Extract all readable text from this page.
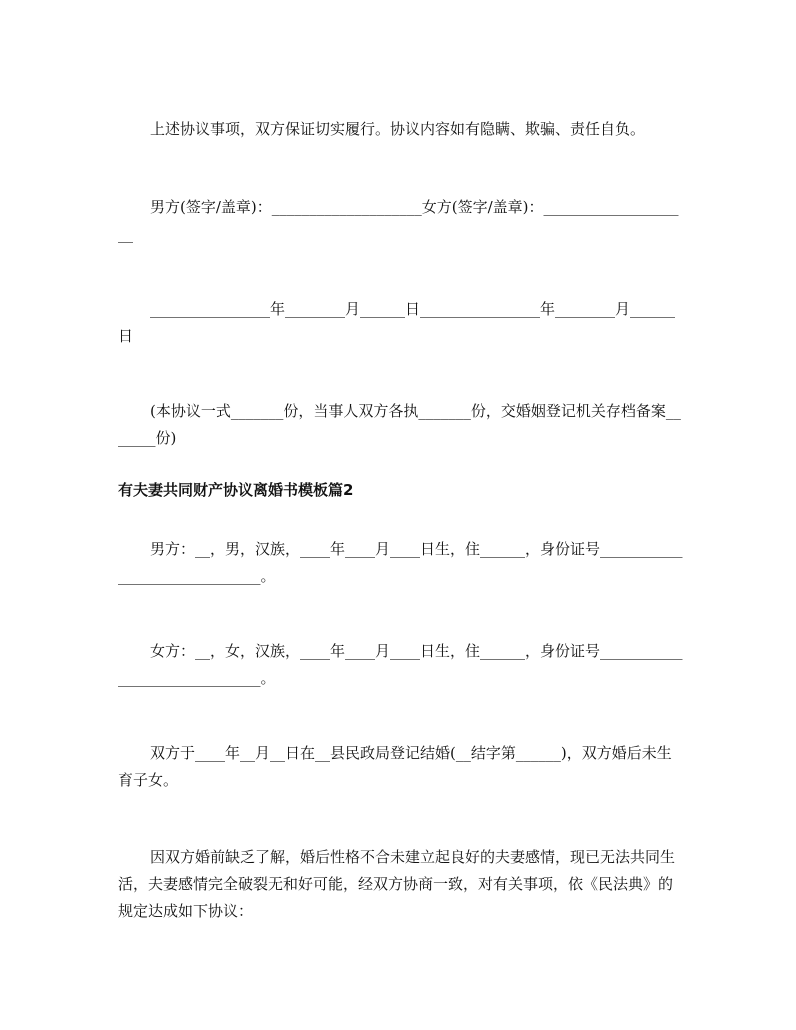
上述协议事项，双方保证切实履行。协议内容如有隐瞒、欺骗、责任自负。
男方(签字/盖章)：____________________女方(签字/盖章)：____________________
________________年________月______日________________年________月______日
(本协议一式_______份，当事人双方各执_______份，交婚姻登记机关存档备案_______份)
有夫妻共同财产协议离婚书模板篇2
男方：__，男，汉族，____年____月____日生，住______，身份证号______________________________。
女方：__，女，汉族，____年____月____日生，住______，身份证号______________________________。
双方于____年__月__日在__县民政局登记结婚(__结字第______)，双方婚后未生育子女。
因双方婚前缺乏了解，婚后性格不合未建立起良好的夫妻感情，现已无法共同生活，夫妻感情完全破裂无和好可能，经双方协商一致，对有关事项，依《民法典》的规定达成如下协议：
